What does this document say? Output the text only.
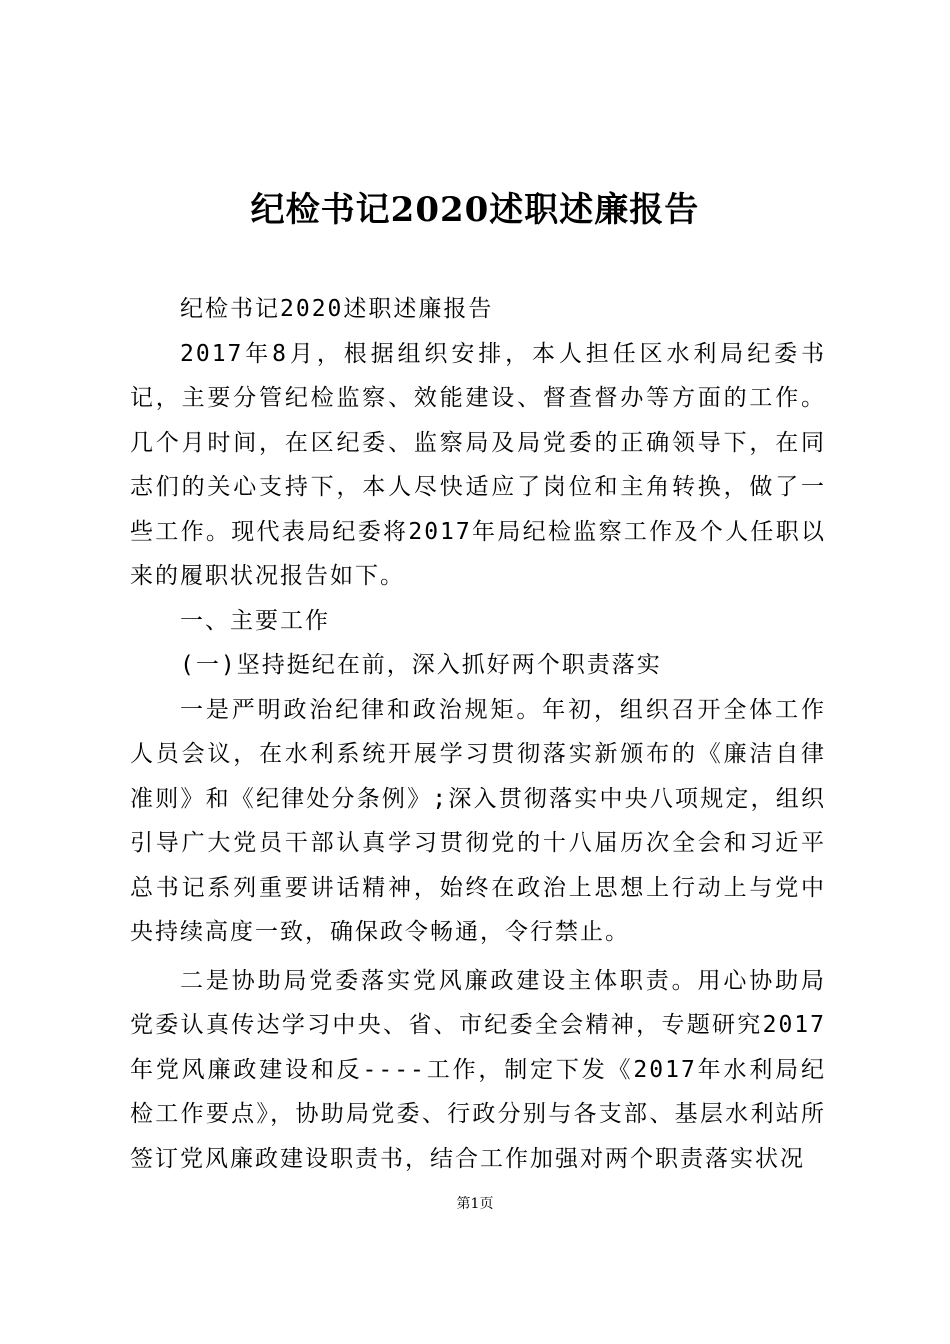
纪检书记2020述职述廉报告

纪检书记2020述职述廉报告

2017年8月，根据组织安排，本人担任区水利局纪委书记，主要分管纪检监察、效能建设、督查督办等方面的工作。几个月时间，在区纪委、监察局及局党委的正确领导下，在同志们的关心支持下，本人尽快适应了岗位和主角转换，做了一些工作。现代表局纪委将2017年局纪检监察工作及个人任职以来的履职状况报告如下。

一、主要工作

(一)坚持挺纪在前，深入抓好两个职责落实

一是严明政治纪律和政治规矩。年初，组织召开全体工作人员会议，在水利系统开展学习贯彻落实新颁布的《廉洁自律准则》和《纪律处分条例》;深入贯彻落实中央八项规定，组织引导广大党员干部认真学习贯彻党的十八届历次全会和习近平总书记系列重要讲话精神，始终在政治上思想上行动上与党中央持续高度一致，确保政令畅通，令行禁止。

二是协助局党委落实党风廉政建设主体职责。用心协助局党委认真传达学习中央、省、市纪委全会精神，专题研究2017年党风廉政建设和反----工作，制定下发《2017年水利局纪检工作要点》，协助局党委、行政分别与各支部、基层水利站所签订党风廉政建设职责书，结合工作加强对两个职责落实状况

第1页
